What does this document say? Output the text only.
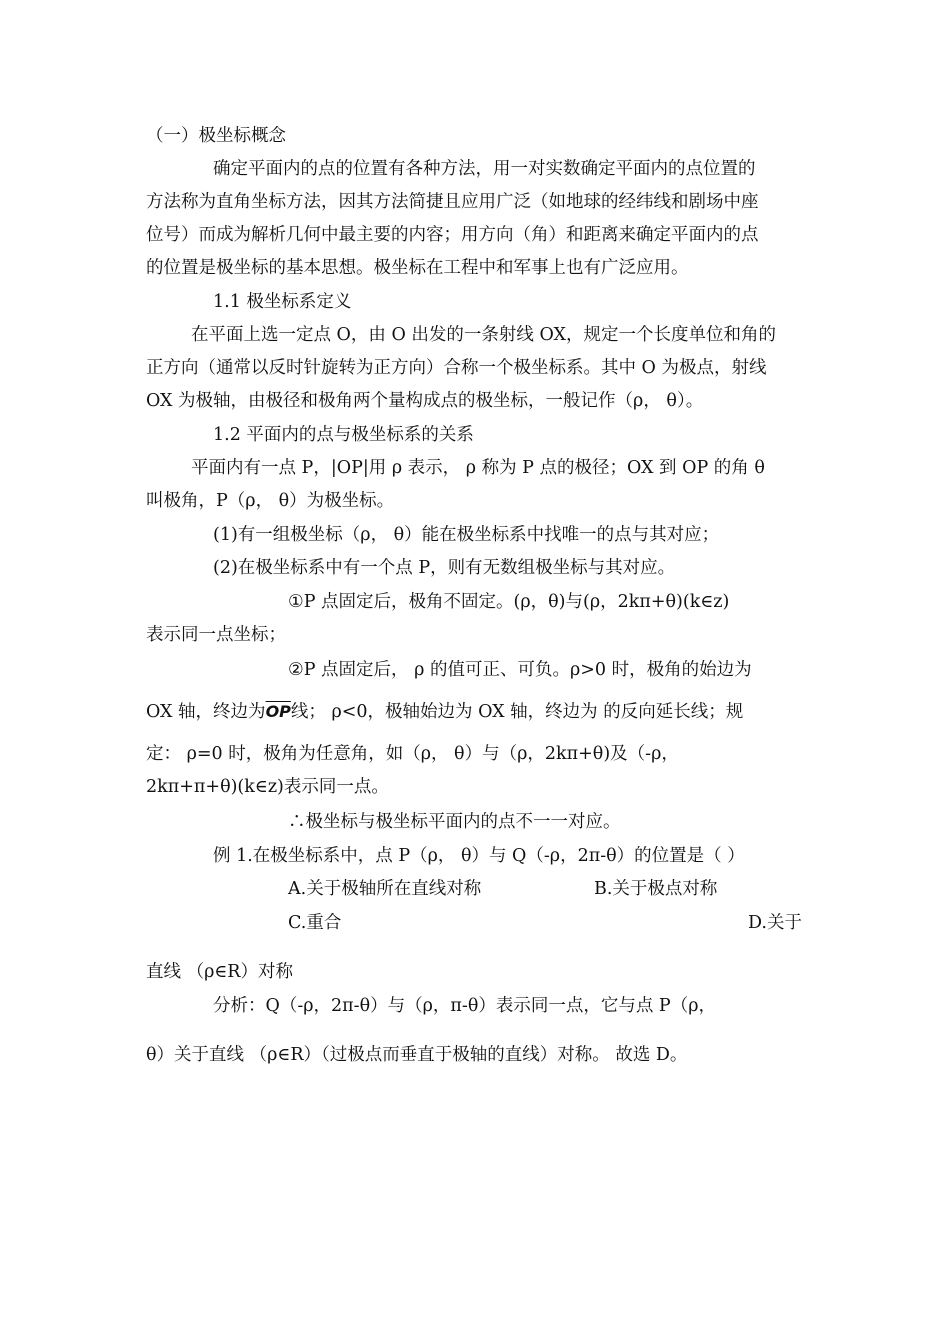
（一）极坐标概念
确定平面内的点的位置有各种方法，用一对实数确定平面内的点位置的
方法称为直角坐标方法，因其方法简捷且应用广泛（如地球的经纬线和剧场中座
位号）而成为解析几何中最主要的内容；用方向（角）和距离来确定平面内的点
的位置是极坐标的基本思想。极坐标在工程中和军事上也有广泛应用。
1.1 极坐标系定义
在平面上选一定点 O，由 O 出发的一条射线 OX，规定一个长度单位和角的
正方向（通常以反时针旋转为正方向）合称一个极坐标系。其中 O 为极点，射线
OX 为极轴，由极径和极角两个量构成点的极坐标，一般记作（ρ， θ）。
1.2 平面内的点与极坐标系的关系
平面内有一点 P，|OP|用 ρ 表示， ρ 称为 P 点的极径；OX 到 OP 的角 θ
叫极角，P（ρ， θ）为极坐标。
(1)有一组极坐标（ρ， θ）能在极坐标系中找唯一的点与其对应；
(2)在极坐标系中有一个点 P，则有无数组极坐标与其对应。
①P 点固定后，极角不固定。(ρ，θ)与(ρ，2kπ+θ)(k∈z)
表示同一点坐标；
②P 点固定后， ρ 的值可正、可负。ρ>0 时，极角的始边为
OX 轴，终边为$\overline{OP}$线； ρ<0，极轴始边为 OX 轴，终边为 的反向延长线；规
定： ρ=0 时，极角为任意角，如（ρ， θ）与（ρ，2kπ+θ)及（-ρ，
2kπ+π+θ)(k∈z)表示同一点。
∴极坐标与极坐标平面内的点不一一对应。
例 1.在极坐标系中，点 P（ρ， θ）与 Q（-ρ，2π-θ）的位置是（ ）
A.关于极轴所在直线对称	B.关于极点对称
C.重合	D.关于
直线 （ρ∈R）对称
分析：Q（-ρ，2π-θ）与（ρ，π-θ）表示同一点，它与点 P（ρ，
θ）关于直线 （ρ∈R）（过极点而垂直于极轴的直线）对称。 故选 D。
